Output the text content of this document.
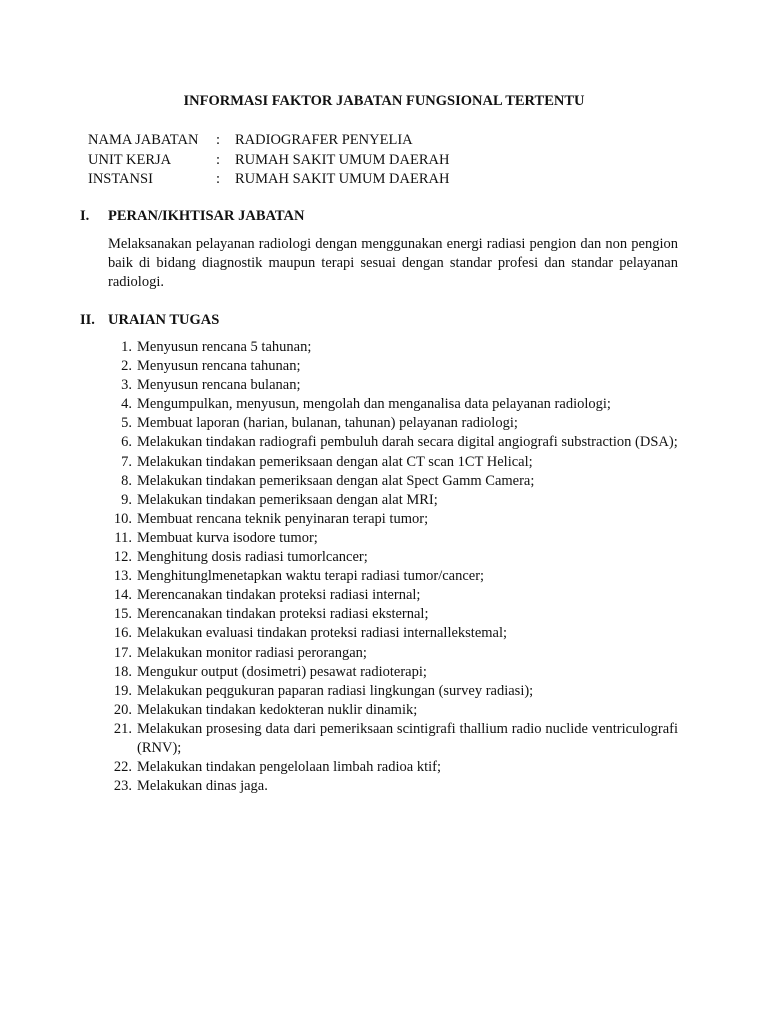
INFORMASI FAKTOR JABATAN FUNGSIONAL TERTENTU
NAMA JABATAN : RADIOGRAFER PENYELIA
UNIT KERJA	: RUMAH SAKIT UMUM DAERAH
INSTANSI	: RUMAH SAKIT UMUM DAERAH
I. PERAN/IKHTISAR JABATAN
Melaksanakan pelayanan radiologi dengan menggunakan energi radiasi pengion dan non pengion baik di bidang diagnostik maupun terapi sesuai dengan standar profesi dan standar pelayanan radiologi.
II. URAIAN TUGAS
1. Menyusun rencana 5 tahunan;
2. Menyusun rencana tahunan;
3. Menyusun rencana bulanan;
4. Mengumpulkan, menyusun, mengolah dan menganalisa data pelayanan radiologi;
5. Membuat laporan (harian, bulanan, tahunan) pelayanan radiologi;
6. Melakukan tindakan radiografi pembuluh darah secara digital angiografi substraction (DSA);
7. Melakukan tindakan pemeriksaan dengan alat CT scan 1CT Helical;
8. Melakukan tindakan pemeriksaan dengan alat Spect Gamm Camera;
9. Melakukan tindakan pemeriksaan dengan alat MRI;
10. Membuat rencana teknik penyinaran terapi tumor;
11. Membuat kurva isodore tumor;
12. Menghitung dosis radiasi tumorlcancer;
13. Menghitunglmenetapkan waktu terapi radiasi tumor/cancer;
14. Merencanakan tindakan proteksi radiasi internal;
15. Merencanakan tindakan proteksi radiasi eksternal;
16. Melakukan evaluasi tindakan proteksi radiasi internallekstemal;
17. Melakukan monitor radiasi perorangan;
18. Mengukur output (dosimetri) pesawat radioterapi;
19. Melakukan peqgukuran paparan radiasi lingkungan (survey radiasi);
20. Melakukan tindakan kedokteran nuklir dinamik;
21. Melakukan prosesing data dari pemeriksaan scintigrafi thallium radio nuclide ventriculografi (RNV);
22. Melakukan tindakan pengelolaan limbah radioa ktif;
23. Melakukan dinas jaga.
